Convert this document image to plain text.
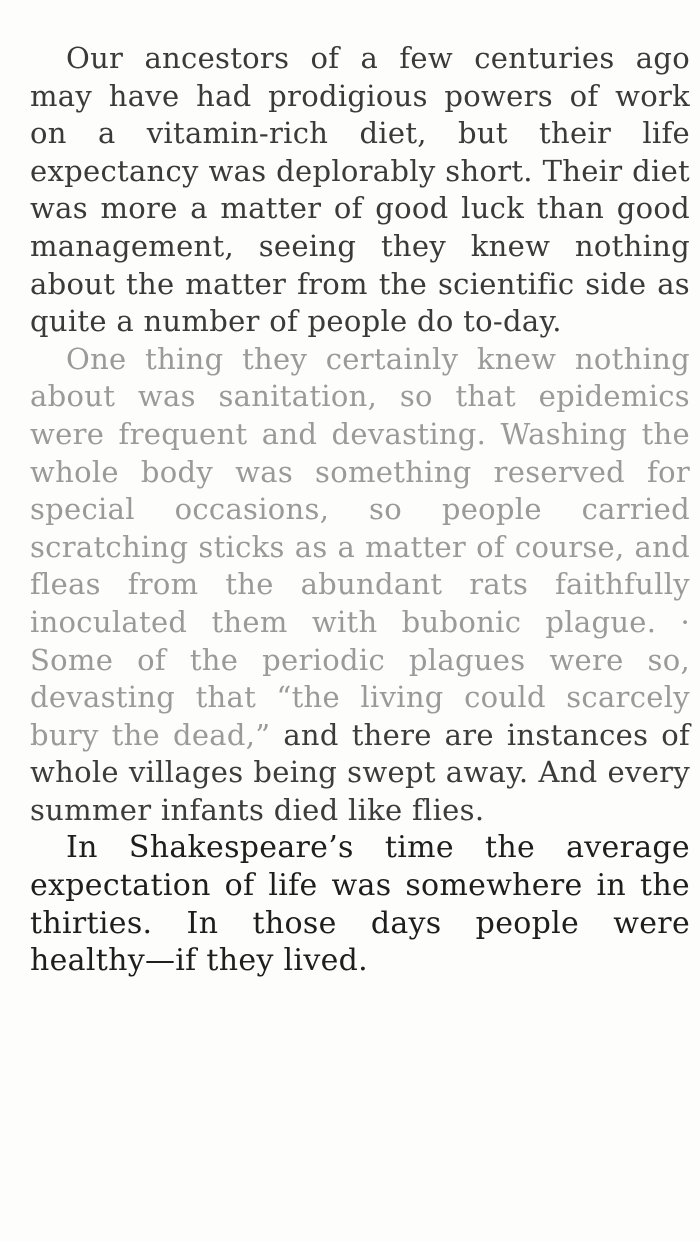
Our ancestors of a few centuries ago may have had prodigious powers of work on a vitamin-rich diet, but their life expectancy was deplorably short. Their diet was more a matter of good luck than good management, seeing they knew nothing about the matter from the scientific side as quite a number of people do to-day.

One thing they certainly knew nothing about was sanitation, so that epidemics were frequent and devasting. Washing the whole body was something reserved for special occasions, so people carried scratching sticks as a matter of course, and fleas from the abundant rats faithfully inoculated them with bubonic plague. · Some of the periodic plagues were so, devasting that “the living could scarcely bury the dead,” and there are instances of whole villages being swept away. And every summer infants died like flies.

In Shakespeare’s time the average expectation of life was somewhere in the thirties. In those days people were healthy—if they lived.
